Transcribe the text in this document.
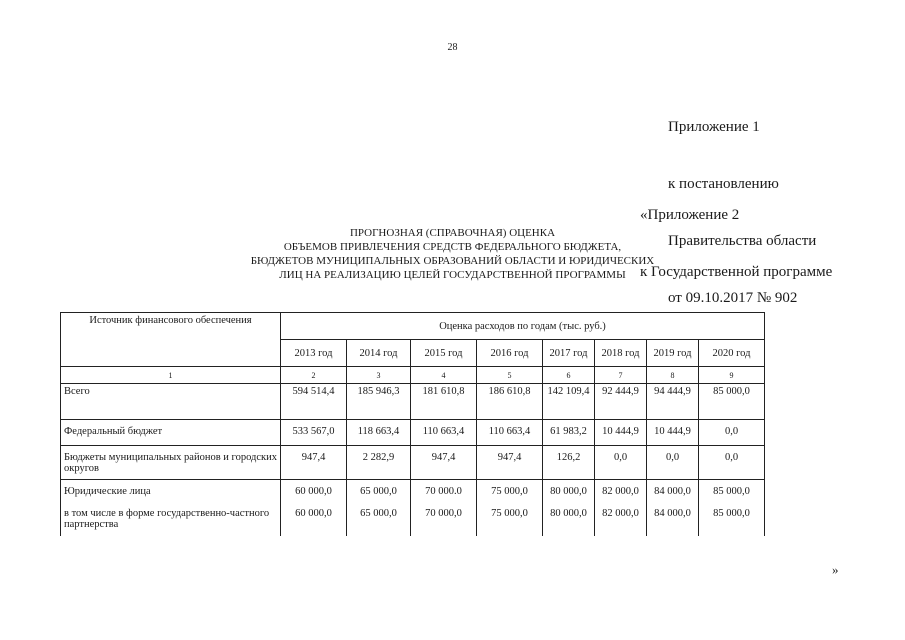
28

Приложение 1

к постановлению

Правительства области

от 09.10.2017 № 902

«Приложение 2

к Государственной программе

ПРОГНОЗНАЯ (СПРАВОЧНАЯ) ОЦЕНКА
ОБЪЕМОВ ПРИВЛЕЧЕНИЯ СРЕДСТВ ФЕДЕРАЛЬНОГО БЮДЖЕТА,
БЮДЖЕТОВ МУНИЦИПАЛЬНЫХ ОБРАЗОВАНИЙ ОБЛАСТИ И ЮРИДИЧЕСКИХ
ЛИЦ НА РЕАЛИЗАЦИЮ ЦЕЛЕЙ ГОСУДАРСТВЕННОЙ ПРОГРАММЫ
Источник финансового обеспечения	Оценка расходов по годам (тыс. руб.)							
	2013 год	2014 год	2015 год	2016 год	2017 год	2018 год	2019 год	2020 год
1	2	3	4	5	6	7	8	9
Всего	594 514,4	185 946,3	181 610,8	186 610,8	142 109,4	92 444,9	94 444,9	85 000,0

Федеральный бюджет	533 567,0	118 663,4	110 663,4	110 663,4	61 983,2	10 444,9	10 444,9	0,0

Бюджеты муниципальных районов и городских округов	947,4	2 282,9	947,4	947,4	126,2	0,0	0,0	0,0

Юридические лица	60 000,0	65 000,0	70 000.0	75 000,0	80 000,0	82 000,0	84 000,0	85 000,0
в том числе в форме государственно-частного партнерства	60 000,0	65 000,0	70 000,0	75 000,0	80 000,0	82 000,0	84 000,0	85 000,0
»
